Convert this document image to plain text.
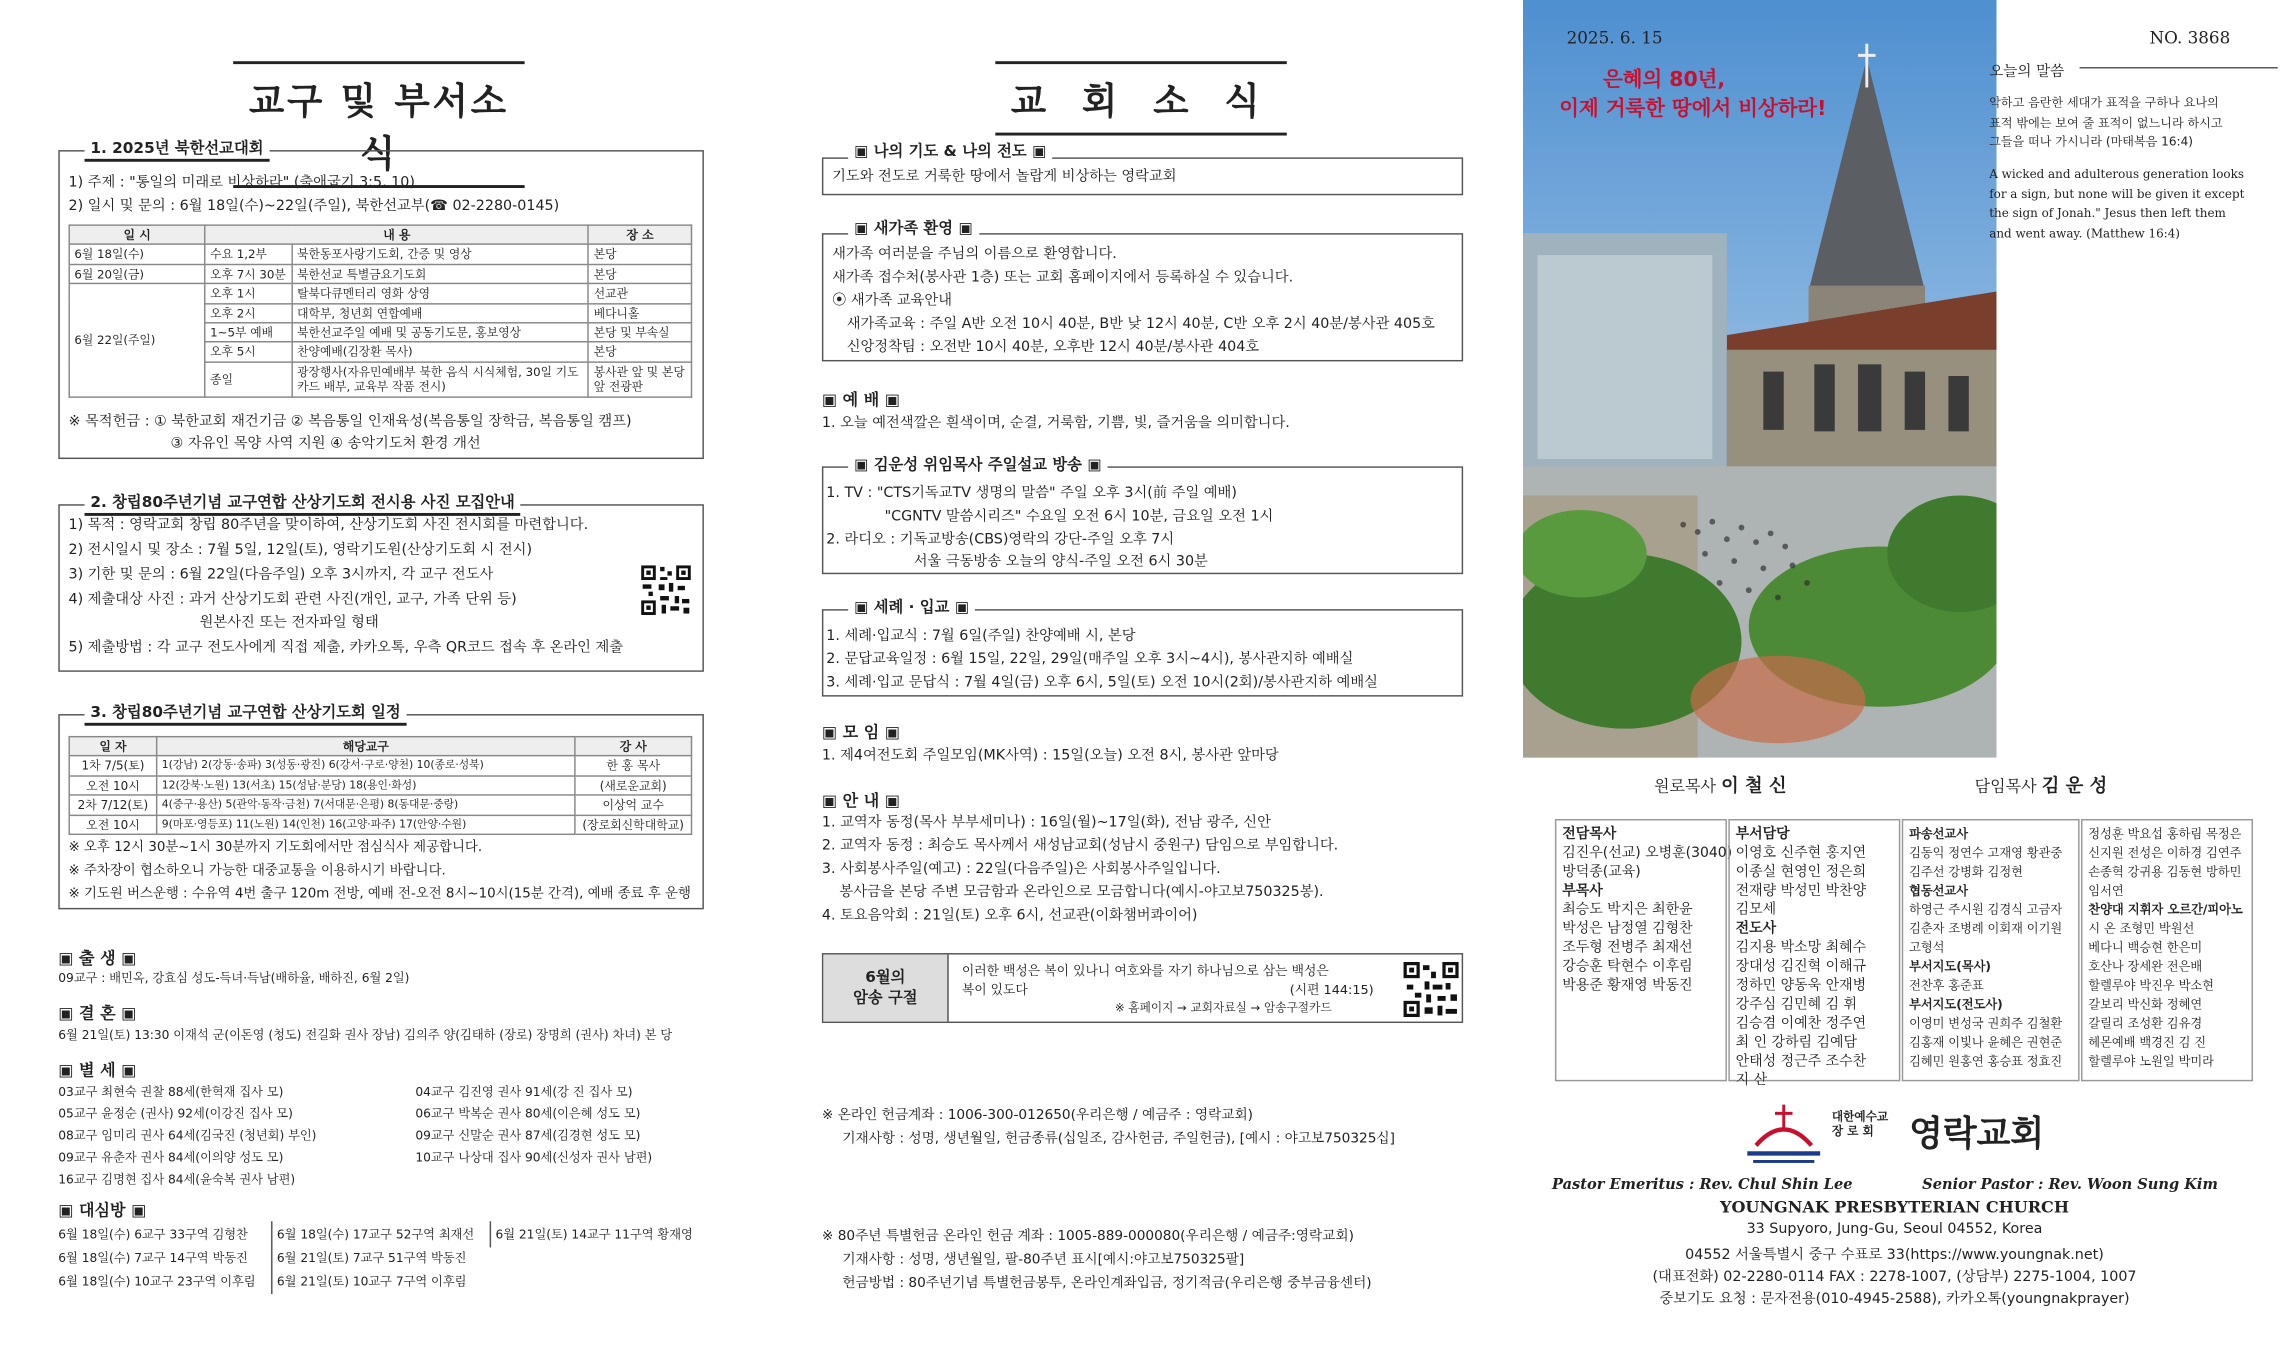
교구 및 부서소식
1) 주제 : "통일의 미래로 비상하라" (출애굽기 3:5, 10)
2) 일시 및 문의 : 6월 18일(수)~22일(주일), 북한선교부(☎ 02-2280-0145)
일 시	내 용		장 소
6월 18일(수)	수요 1,2부	북한동포사랑기도회, 간증 및 영상	본당
6월 20일(금)	오후 7시 30분	북한선교 특별금요기도회	본당
6월 22일(주일)	오후 1시	탈북다큐멘터리 영화 상영	선교관
	오후 2시	대학부, 청년회 연합예배	베다니홀
	1~5부 예배	북한선교주일 예배 및 공동기도문, 홍보영상	본당 및 부속실
	오후 5시	찬양예배(김장환 목사)	본당
	종일	광장행사(자유민예배부 북한 음식 시식체험, 30일 기도카드 배부, 교육부 작품 전시)	봉사관 앞 및 본당 앞 전광판
※ 목적헌금 : ① 북한교회 재건기금 ② 복음통일 인재육성(복음통일 장학금, 복음통일 캠프)
③ 자유인 목양 사역 지원 ④ 송악기도처 환경 개선
1. 2025년 북한선교대회
1) 목적 : 영락교회 창립 80주년을 맞이하여, 산상기도회 사진 전시회를 마련합니다.
2) 전시일시 및 장소 : 7월 5일, 12일(토), 영락기도원(산상기도회 시 전시)
3) 기한 및 문의 : 6월 22일(다음주일) 오후 3시까지, 각 교구 전도사
4) 제출대상 사진 : 과거 산상기도회 관련 사진(개인, 교구, 가족 단위 등)
원본사진 또는 전자파일 형태
5) 제출방법 : 각 교구 전도사에게 직접 제출, 카카오톡, 우측 QR코드 접속 후 온라인 제출
2. 창립80주년기념 교구연합 산상기도회 전시용 사진 모집안내
일 자	해당교구	강 사
1차 7/5(토)	1(강남) 2(강동·송파) 3(성동·광진) 6(강서·구로·양천) 10(종로·성북)	한 홍 목사
오전 10시	12(강북·노원) 13(서초) 15(성남·분당) 18(용인·화성)	(새로운교회)
2차 7/12(토)	4(중구·용산) 5(관악·동작·금천) 7(서대문·은평) 8(동대문·중랑)	이상억 교수
오전 10시	9(마포·영등포) 11(노원) 14(인천) 16(고양·파주) 17(안양·수원)	(장로회신학대학교)
※ 오후 12시 30분~1시 30분까지 기도회에서만 점심식사 제공합니다.
※ 주차장이 협소하오니 가능한 대중교통을 이용하시기 바랍니다.
※ 기도원 버스운행 : 수유역 4번 출구 120m 전방, 예배 전-오전 8시~10시(15분 간격), 예배 종료 후 운행
3. 창립80주년기념 교구연합 산상기도회 일정
▣ 출 생 ▣
09교구 : 배민옥, 강효심 성도-득녀·득남(배하율, 배하진, 6월 2일)
▣ 결 혼 ▣
6월 21일(토) 13:30 이재석 군(이돈영 (청도) 전길화 권사 장남) 김의주 양(김태하 (장로) 장명희 (권사) 차녀) 본 당
▣ 별 세 ▣
03교구 최현숙 권찰 88세(한혁재 집사 모)
05교구 윤정순 (권사) 92세(이강진 집사 모)
08교구 임미리 권사 64세(김국진 (청년회) 부인)
09교구 유춘자 권사 84세(이의양 성도 모)
16교구 김명현 집사 84세(윤숙복 권사 남편)
04교구 김진영 권사 91세(강 진 집사 모)
06교구 박복순 권사 80세(이은혜 성도 모)
09교구 신말순 권사 87세(김경현 성도 모)
10교구 나상대 집사 90세(신성자 권사 남편)
▣ 대심방 ▣
6월 18일(수) 6교구 33구역 김형찬
6월 18일(수) 7교구 14구역 박동진
6월 18일(수) 10교구 23구역 이후림
6월 18일(수) 17교구 52구역 최재선
6월 21일(토) 7교구 51구역 박동진
6월 21일(토) 10교구 7구역 이후림
6월 21일(토) 14교구 11구역 황재영
교 회 소 식
기도와 전도로 거룩한 땅에서 놀랍게 비상하는 영락교회
▣ 나의 기도 & 나의 전도 ▣
새가족 여러분을 주님의 이름으로 환영합니다.
새가족 접수처(봉사관 1층) 또는 교회 홈페이지에서 등록하실 수 있습니다.
⦿ 새가족 교육안내
새가족교육 : 주일 A반 오전 10시 40분, B반 낮 12시 40분, C반 오후 2시 40분/봉사관 405호
신앙정착팀 : 오전반 10시 40분, 오후반 12시 40분/봉사관 404호
▣ 새가족 환영 ▣
▣ 예 배 ▣
1. 오늘 예전색깔은 흰색이며, 순결, 거룩함, 기쁨, 빛, 즐거움을 의미합니다.
1. TV : "CTS기독교TV 생명의 말씀" 주일 오후 3시(前 주일 예배)
"CGNTV 말씀시리즈" 수요일 오전 6시 10분, 금요일 오전 1시
2. 라디오 : 기독교방송(CBS)영락의 강단-주일 오후 7시
서울 극동방송 오늘의 양식-주일 오전 6시 30분
▣ 김운성 위임목사 주일설교 방송 ▣
1. 세례·입교식 : 7월 6일(주일) 찬양예배 시, 본당
2. 문답교육일정 : 6월 15일, 22일, 29일(매주일 오후 3시~4시), 봉사관지하 예배실
3. 세례·입교 문답식 : 7월 4일(금) 오후 6시, 5일(토) 오전 10시(2회)/봉사관지하 예배실
▣ 세례 · 입교 ▣
▣ 모 임 ▣
1. 제4여전도회 주일모임(MK사역) : 15일(오늘) 오전 8시, 봉사관 앞마당
▣ 안 내 ▣
1. 교역자 동정(목사 부부세미나) : 16일(월)~17일(화), 전남 광주, 신안
2. 교역자 동정 : 최승도 목사께서 새성남교회(성남시 중원구) 담임으로 부임합니다.
3. 사회봉사주일(예고) : 22일(다음주일)은 사회봉사주일입니다.
봉사금을 본당 주변 모금함과 온라인으로 모금합니다(예시-야고보750325봉).
4. 토요음악회 : 21일(토) 오후 6시, 선교관(이화챔버콰이어)
6월의
암송 구절
이러한 백성은 복이 있나니 여호와를 자기 하나님으로 삼는 백성은
복이 있도다	(시편 144:15)
※ 홈페이지 → 교회자료실 → 암송구절카드
※ 온라인 헌금계좌 : 1006-300-012650(우리은행 / 예금주 : 영락교회)
기재사항 : 성명, 생년월일, 헌금종류(십일조, 감사헌금, 주일헌금), [예시 : 야고보750325십]
※ 80주년 특별헌금 온라인 헌금 계좌 : 1005-889-000080(우리은행 / 예금주:영락교회)
기재사항 : 성명, 생년월일, 팔-80주년 표시[예시:야고보750325팔]
헌금방법 : 80주년기념 특별헌금봉투, 온라인계좌입금, 정기적금(우리은행 중부금융센터)
2025. 6. 15	NO. 3868
은혜의 80년,
이제 거룩한 땅에서 비상하라!
오늘의 말씀
악하고 음란한 세대가 표적을 구하나 요나의
표적 밖에는 보여 줄 표적이 없느니라 하시고
그들을 떠나 가시니라 (마태복음 16:4)
A wicked and adulterous generation looks
for a sign, but none will be given it except
the sign of Jonah." Jesus then left them
and went away. (Matthew 16:4)
원로목사 이 철 신	담임목사 김 운 성
전담목사
김진우(선교) 오병훈(3040)
방덕종(교육)
부목사
최승도 박지은 최한윤
박성은 남정열 김형찬
조두형 전병주 최재선
강승훈 탁현수 이후림
박용준 황재영 박동진
부서담당
이영호 신주현 홍지연
이종실 현영인 정은희
전재량 박성민 박찬양
김모세
전도사
김지용 박소망 최혜수
장대성 김진혁 이해규
정하민 양동욱 안재병
강주심 김민혜 김 휘
김승겸 이예찬 정주연
최 인 강하림 김예담
안태성 정근주 조수찬
지 산
파송선교사
김동익 정연수 고재영 황관중
김주선 강병화 김정현
협동선교사
하영근 주시원 김경식 고금자
김춘자 조병례 이회재 이기원
고형석
부서지도(목사)
전찬후 홍준표
부서지도(전도사)
이영미 변성국 권희주 김철환
김홍재 이빛나 윤혜은 권현준
김혜민 원홍연 홍승표 정효진
정성훈 박요섭 홍하림 목정은
신지원 전성은 이하경 김연주
손종혁 강귀용 김동현 방하민
임서연
찬양대 지휘자 오르간/피아노
시 온 조형민 박원선
베다니 백승현 한은미
호산나 장세완 전은배
할렐루야 박진우 박소현
갈보리 박신화 정혜연
갈릴리 조성환 김유경
헤몬예배 백경진 김 진
할렐루야 노원일 박미라
대한예수교
장 로 회	영락교회
Pastor Emeritus : Rev. Chul Shin Lee	Senior Pastor : Rev. Woon Sung Kim
YOUNGNAK PRESBYTERIAN CHURCH
33 Supyoro, Jung-Gu, Seoul 04552, Korea
04552 서울특별시 중구 수표로 33(https://www.youngnak.net)
(대표전화) 02-2280-0114 FAX : 2278-1007, (상담부) 2275-1004, 1007
중보기도 요청 : 문자전용(010-4945-2588), 카카오톡(youngnakprayer)
